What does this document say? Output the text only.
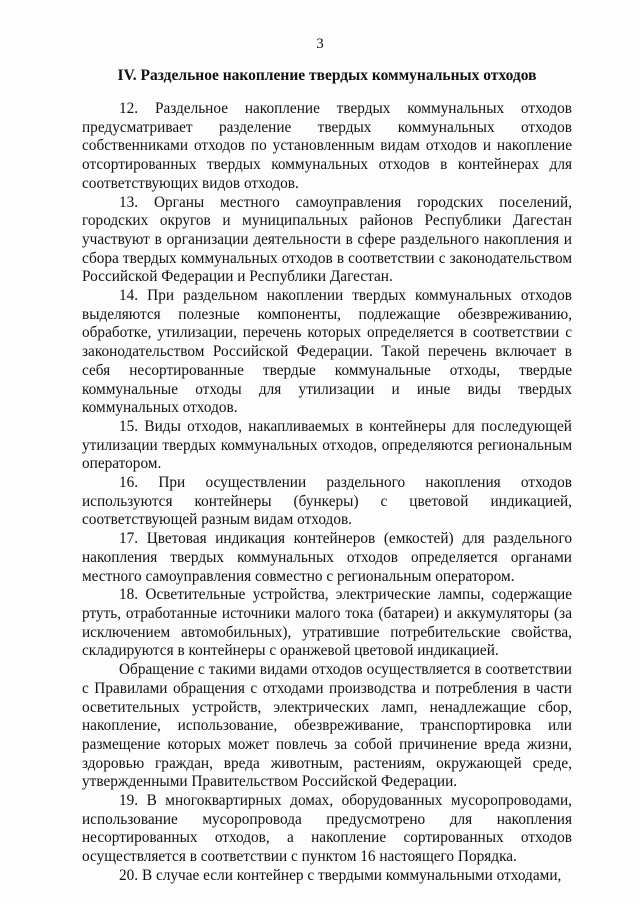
3
IV. Раздельное накопление твердых коммунальных отходов

12. Раздельное накопление твердых коммунальных отходов предусматривает разделение твердых коммунальных отходов собственниками отходов по установленным видам отходов и накопление отсортированных твердых коммунальных отходов в контейнерах для соответствующих видов отходов.

13. Органы местного самоуправления городских поселений, городских округов и муниципальных районов Республики Дагестан участвуют в организации деятельности в сфере раздельного накопления и сбора твердых коммунальных отходов в соответствии с законодательством Российской Федерации и Республики Дагестан.

14. При раздельном накоплении твердых коммунальных отходов выделяются полезные компоненты, подлежащие обезвреживанию, обработке, утилизации, перечень которых определяется в соответствии с законодательством Российской Федерации. Такой перечень включает в себя несортированные твердые коммунальные отходы, твердые коммунальные отходы для утилизации и иные виды твердых коммунальных отходов.

15. Виды отходов, накапливаемых в контейнеры для последующей утилизации твердых коммунальных отходов, определяются региональным оператором.

16. При осуществлении раздельного накопления отходов используются контейнеры (бункеры) с цветовой индикацией, соответствующей разным видам отходов.

17. Цветовая индикация контейнеров (емкостей) для раздельного накопления твердых коммунальных отходов определяется органами местного самоуправления совместно с региональным оператором.

18. Осветительные устройства, электрические лампы, содержащие ртуть, отработанные источники малого тока (батареи) и аккумуляторы (за исключением автомобильных), утратившие потребительские свойства, складируются в контейнеры с оранжевой цветовой индикацией.

Обращение с такими видами отходов осуществляется в соответствии с Правилами обращения с отходами производства и потребления в части осветительных устройств, электрических ламп, ненадлежащие сбор, накопление, использование, обезвреживание, транспортировка или размещение которых может повлечь за собой причинение вреда жизни, здоровью граждан, вреда животным, растениям, окружающей среде, утвержденными Правительством Российской Федерации.

19. В многоквартирных домах, оборудованных мусоропроводами, использование мусоропровода предусмотрено для накопления несортированных отходов, а накопление сортированных отходов осуществляется в соответствии с пунктом 16 настоящего Порядка.

20. В случае если контейнер с твердыми коммунальными отходами,
